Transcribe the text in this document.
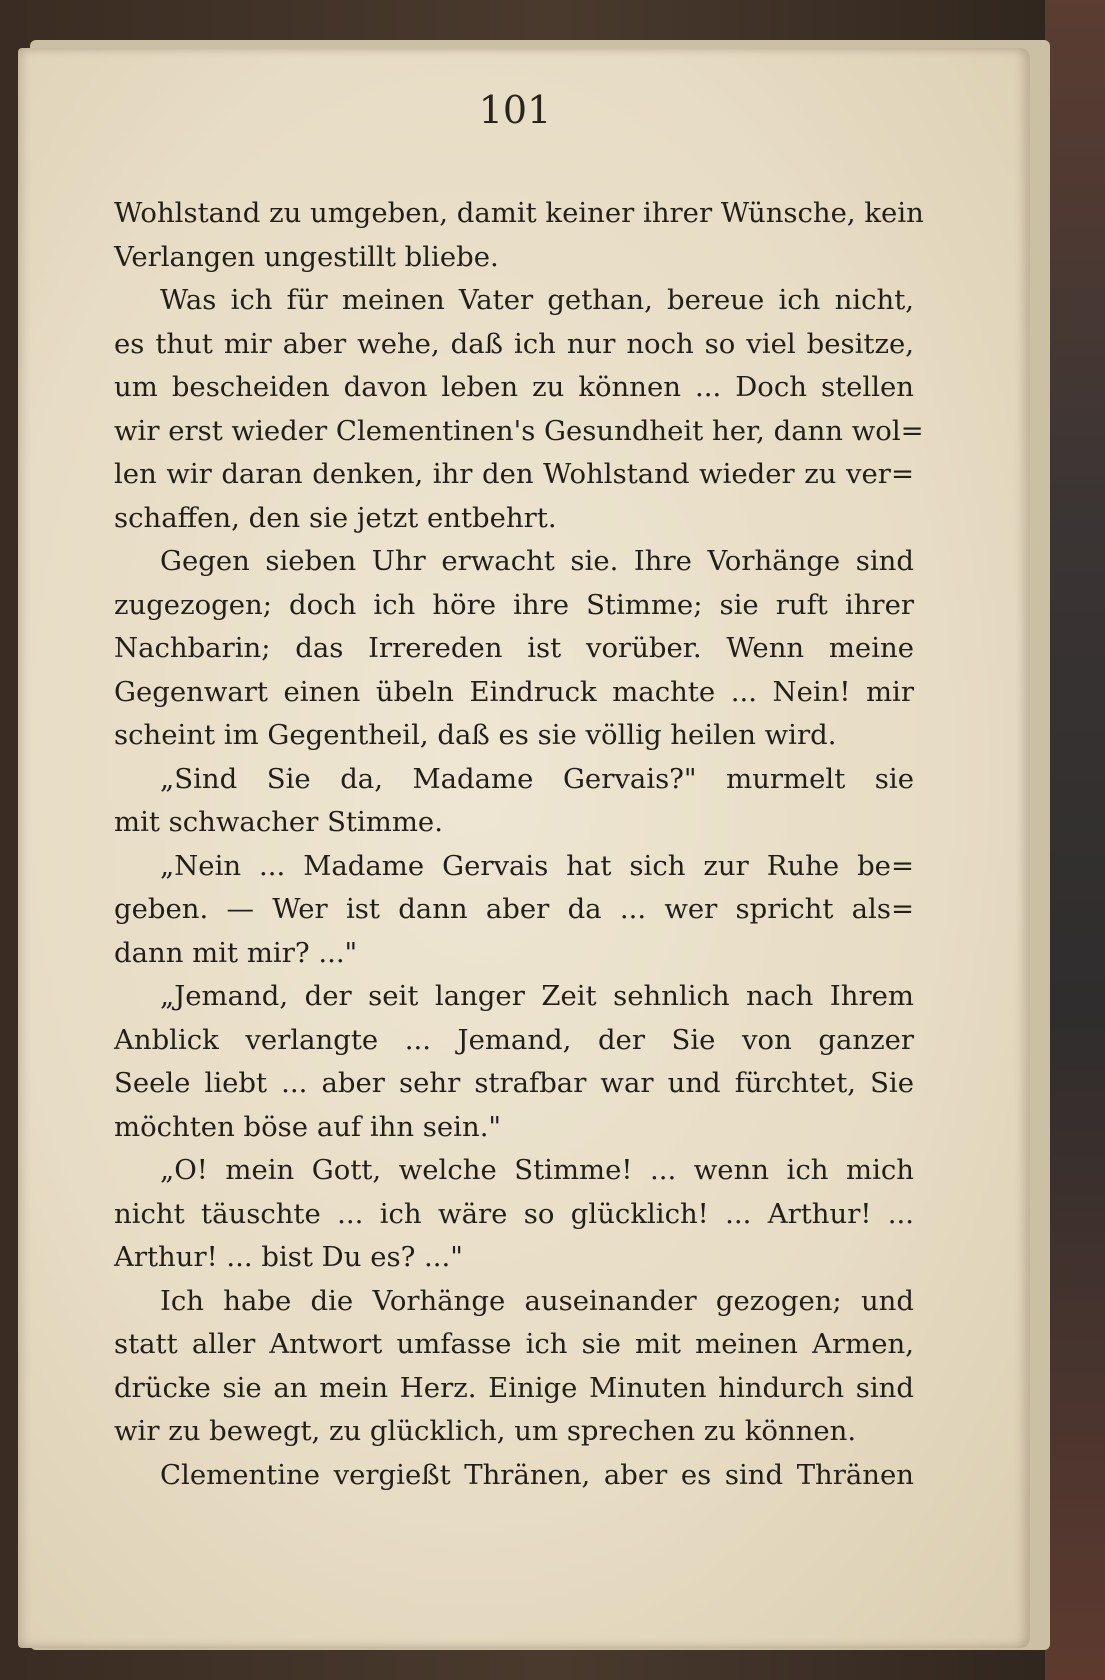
101
Wohlstand zu umgeben, damit keiner ihrer Wünsche, kein
Verlangen ungestillt bliebe.
Was ich für meinen Vater gethan, bereue ich nicht,
es thut mir aber wehe, daß ich nur noch so viel besitze,
um bescheiden davon leben zu können ... Doch stellen
wir erst wieder Clementinen's Gesundheit her, dann wol=
len wir daran denken, ihr den Wohlstand wieder zu ver=
schaffen, den sie jetzt entbehrt.
Gegen sieben Uhr erwacht sie. Ihre Vorhänge sind
zugezogen; doch ich höre ihre Stimme; sie ruft ihrer
Nachbarin; das Irrereden ist vorüber. Wenn meine
Gegenwart einen übeln Eindruck machte ... Nein! mir
scheint im Gegentheil, daß es sie völlig heilen wird.
„Sind Sie da, Madame Gervais?" murmelt sie
mit schwacher Stimme.
„Nein ... Madame Gervais hat sich zur Ruhe be=
geben. — Wer ist dann aber da ... wer spricht als=
dann mit mir? ..."
„Jemand, der seit langer Zeit sehnlich nach Ihrem
Anblick verlangte ... Jemand, der Sie von ganzer
Seele liebt ... aber sehr strafbar war und fürchtet, Sie
möchten böse auf ihn sein."
„O! mein Gott, welche Stimme! ... wenn ich mich
nicht täuschte ... ich wäre so glücklich! ... Arthur! ...
Arthur! ... bist Du es? ..."
Ich habe die Vorhänge auseinander gezogen; und
statt aller Antwort umfasse ich sie mit meinen Armen,
drücke sie an mein Herz. Einige Minuten hindurch sind
wir zu bewegt, zu glücklich, um sprechen zu können.
Clementine vergießt Thränen, aber es sind Thränen
